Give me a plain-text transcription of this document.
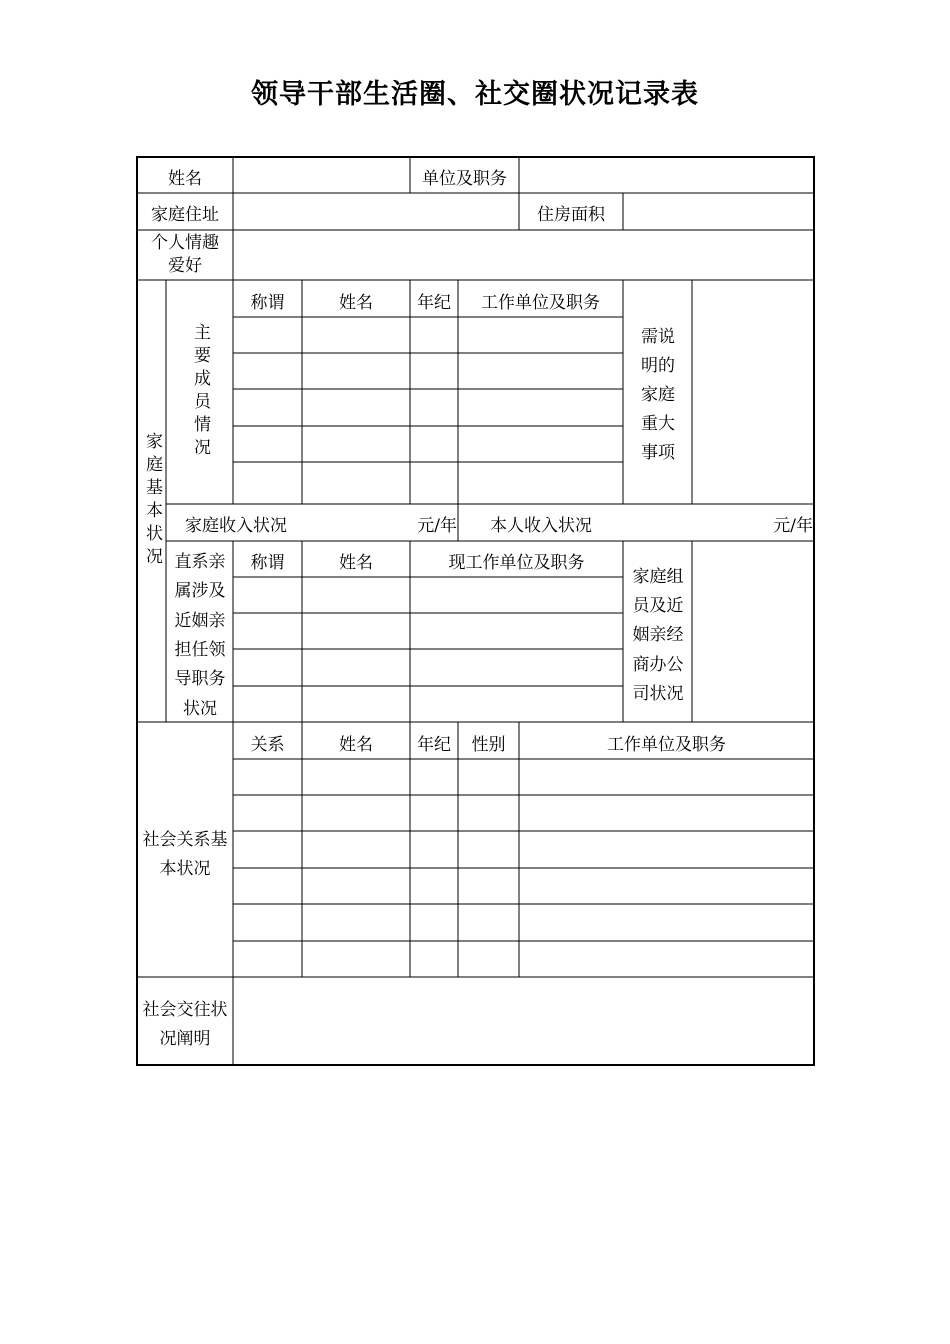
领导干部生活圈、社交圈状况记录表
姓名	单位及职务
家庭住址	住房面积
个人情趣爱好
家庭基本状况
主要成员情况
称谓	姓名	年纪	工作单位及职务
需说明的家庭重大事项
家庭收入状况	元/年	本人收入状况	元/年
直系亲属涉及近姻亲担任领导职务状况
称谓	姓名	现工作单位及职务
家庭组员及近姻亲经商办公司状况
社会关系基本状况
关系	姓名	年纪	性别	工作单位及职务
社会交往状况阐明
